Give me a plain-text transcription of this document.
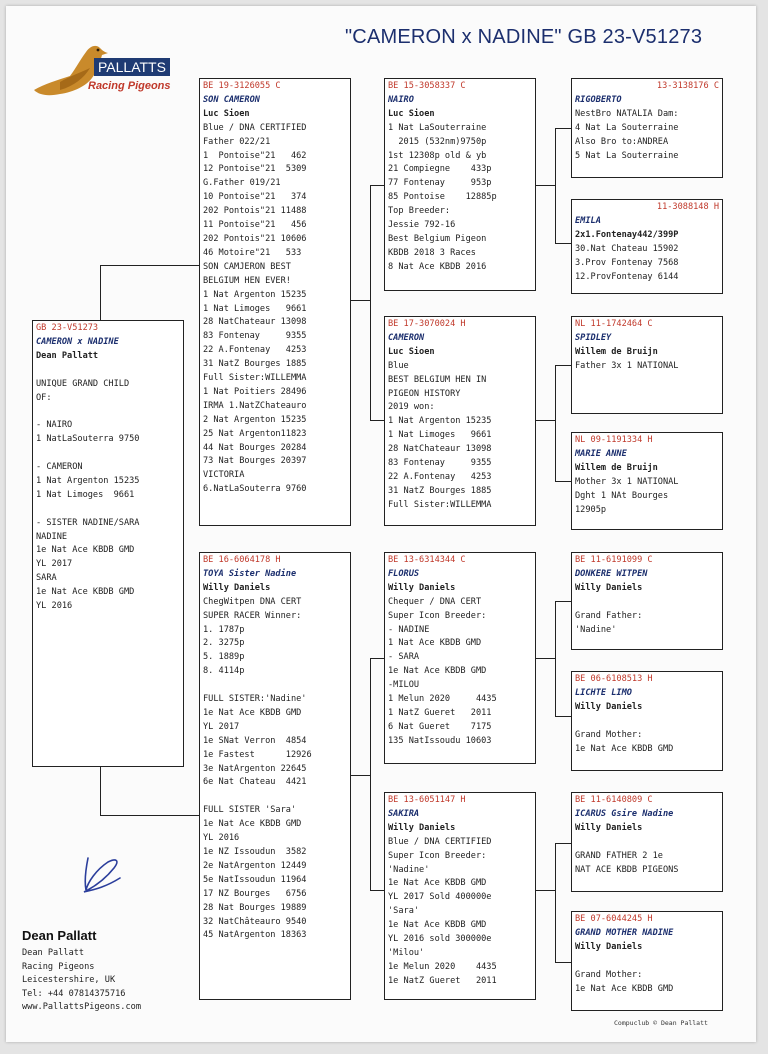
"CAMERON x NADINE" GB 23-V51273
PALLATTS
Racing Pigeons
GB 23-V51273
CAMERON x NADINE
Dean Pallatt
UNIQUE GRAND CHILD
OF:
- NAIRO
1 NatLaSouterra 9750
- CAMERON
1 Nat Argenton 15235
1 Nat Limoges  9661
- SISTER NADINE/SARA
NADINE
1e Nat Ace KBDB GMD
YL 2017
SARA
1e Nat Ace KBDB GMD
YL 2016
BE 19-3126055 C
SON CAMERON
Luc Sioen
Blue / DNA CERTIFIED
Father 022/21
1  Pontoise"21   462
12 Pontoise"21  5309
G.Father 019/21
10 Pontoise"21   374
202 Pontois"21 11488
11 Pontoise"21   456
202 Pontois"21 10606
46 Motoire"21   533
SON CAMJERON BEST
BELGIUM HEN EVER!
1 Nat Argenton 15235
1 Nat Limoges   9661
28 NatChateaur 13098
83 Fontenay     9355
22 A.Fontenay   4253
31 NatZ Bourges 1885
Full Sister:WILLEMMA
1 Nat Poitiers 28496
IRMA 1.NatZChateauro
2 Nat Argenton 15235
25 Nat Argenton11823
44 Nat Bourges 20284
73 Nat Bourges 20397
VICTORIA
6.NatLaSouterra 9760
BE 16-6064178 H
TOYA Sister Nadine
Willy Daniels
ChegWitpen DNA CERT
SUPER RACER Winner:
1. 1787p
2. 3275p
5. 1889p
8. 4114p
FULL SISTER:'Nadine'
1e Nat Ace KBDB GMD
YL 2017
1e SNat Verron  4854
1e Fastest      12926
3e NatArgenton 22645
6e Nat Chateau  4421
FULL SISTER 'Sara'
1e Nat Ace KBDB GMD
YL 2016
1e NZ Issoudun  3582
2e NatArgenton 12449
5e NatIssoudun 11964
17 NZ Bourges   6756
28 Nat Bourges 19889
32 NatChâteauro 9540
45 NatArgenton 18363
BE 15-3058337 C
NAIRO
Luc Sioen
1 Nat LaSouterraine
2015 (532nm)9750p
1st 12308p old & yb
21 Compiegne    433p
77 Fontenay     953p
85 Pontoise    12885p
Top Breeder:
Jessie 792-16
Best Belgium Pigeon
KBDB 2018 3 Races
8 Nat Ace KBDB 2016
BE 17-3070024 H
CAMERON
Luc Sioen
Blue
BEST BELGIUM HEN IN
PIGEON HISTORY
2019 won:
1 Nat Argenton 15235
1 Nat Limoges   9661
28 NatChateaur 13098
83 Fontenay     9355
22 A.Fontenay   4253
31 NatZ Bourges 1885
Full Sister:WILLEMMA
BE 13-6314344 C
FLORUS
Willy Daniels
Chequer / DNA CERT
Super Icon Breeder:
- NADINE
1 Nat Ace KBDB GMD
- SARA
1e Nat Ace KBDB GMD
-MILOU
1 Melun 2020     4435
1 NatZ Gueret   2011
6 Nat Gueret    7175
135 NatIssoudu 10603
BE 13-6051147 H
SAKIRA
Willy Daniels
Blue / DNA CERTIFIED
Super Icon Breeder:
'Nadine'
1e Nat Ace KBDB GMD
YL 2017 Sold 400000e
'Sara'
1e Nat Ace KBDB GMD
YL 2016 sold 300000e
'Milou'
1e Melun 2020    4435
1e NatZ Gueret   2011
13-3138176 C
RIGOBERTO
NestBro NATALIA Dam:
4 Nat La Souterraine
Also Bro to:ANDREA
5 Nat La Souterraine
11-3088148 H
EMILA
2x1.Fontenay442/399P
30.Nat Chateau 15902
3.Prov Fontenay 7568
12.ProvFontenay 6144
NL 11-1742464 C
SPIDLEY
Willem de Bruijn
Father 3x 1 NATIONAL
NL 09-1191334 H
MARIE ANNE
Willem de Bruijn
Mother 3x 1 NATIONAL
Dght 1 NAt Bourges
12905p
BE 11-6191099 C
DONKERE WITPEN
Willy Daniels
Grand Father:
'Nadine'
BE 06-6108513 H
LICHTE LIMO
Willy Daniels
Grand Mother:
1e Nat Ace KBDB GMD
BE 11-6140809 C
ICARUS Gsire Nadine
Willy Daniels
GRAND FATHER 2 1e
NAT ACE KBDB PIGEONS
BE 07-6044245 H
GRAND MOTHER NADINE
Willy Daniels
Grand Mother:
1e Nat Ace KBDB GMD
Dean Pallatt
Dean Pallatt
Racing Pigeons
Leicestershire, UK
Tel: +44 07814375716
www.PallattsPigeons.com
Compuclub © Dean Pallatt
